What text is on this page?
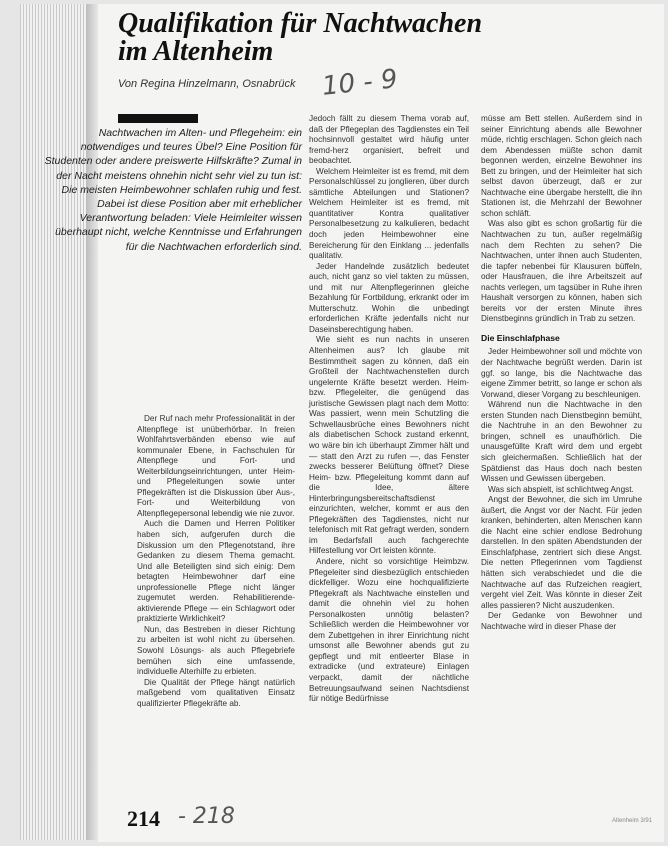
Qualifikation für Nachtwachen
im Altenheim
Von Regina Hinzelmann, Osnabrück 10 - 9

Nachtwachen im Alten- und Pflegeheim: ein notwendiges und teures Übel? Eine Position für Studenten oder andere preiswerte Hilfskräfte? Zumal in der Nacht meistens ohnehin nicht sehr viel zu tun ist: Die meisten Heimbewohner schlafen ruhig und fest. Dabei ist diese Position aber mit erheblicher Verantwortung beladen: Viele Heimleiter wissen überhaupt nicht, welche Kenntnisse und Erfahrungen für die Nachtwachen erforderlich sind.

Der Ruf nach mehr Professionalität in der Altenpflege ist unüberhörbar. In freien Wohlfahrtsverbänden ebenso wie auf kommunaler Ebene, in Fachschulen für Altenpflege und Fort- und Weiterbildungseinrichtungen, unter Heim- und Pflegeleitungen sowie unter Pflegekräften ist die Diskussion über Aus-, Fort- und Weiterbildung von Altenpflegepersonal lebendig wie nie zuvor.

Auch die Damen und Herren Politiker haben sich, aufgerufen durch die Diskussion um den Pflegenotstand, ihre Gedanken zu diesem Thema gemacht. Und alle Beteiligten sind sich einig: Dem betagten Heimbewohner darf eine unprofessionelle Pflege nicht länger zugemutet werden. Rehabilitierende-aktivierende Pflege — ein Schlagwort oder praktizierte Wirklichkeit?

Nun, das Bestreben in dieser Richtung zu arbeiten ist wohl nicht zu übersehen. Sowohl Lösungs- als auch Pflegebriefe bemühen sich eine umfassende, individuelle Alterhilfe zu erbieten.

Die Qualität der Pflege hängt natürlich maßgebend vom qualitativen Einsatz qualifizierter Pflegekräfte ab.

Jedoch fällt zu diesem Thema vorab auf, daß der Pflegeplan des Tagdienstes ein Teil hochsinnvoll gestaltet wird häufig unter fremd-herz organisiert, befreit und beobachtet.

Welchem Heimleiter ist es fremd, mit dem Personalschlüssel zu jonglieren, über durch sämtliche Abteilungen und Stationen? Welchem Heimleiter ist es fremd, mit quantitativer Kontra qualitativer Personalbesetzung zu kalkulieren, bedacht doch jeden Heimbewohner eine Bereicherung für den Einklang ... jedenfalls qualitativ.

Jeder Handelnde zusätzlich bedeutet auch, nicht ganz so viel takten zu müssen, und mit nur Altenpflegerinnen gleiche Bezahlung für Fortbildung, erkrankt oder im Mutterschutz. Wohin die unbedingt erforderlichen Kräfte jedenfalls nicht nur Daseinsberechtigung haben.

Wie sieht es nun nachts in unseren Altenheimen aus? Ich glaube mit Bestimmtheit sagen zu können, daß ein Großteil der Nachtwachenstellen durch ungelernte Kräfte besetzt werden. Heim- bzw. Pflegeleiter, die genügend das juristische Gewissen plagt nach dem Motto: Was passiert, wenn mein Schutzling die Schwellausbrüche eines Bewohners nicht als diabetischen Schock zustand erkennt, wo wäre bin ich überhaupt Zimmer hält und — statt den Arzt zu rufen —, das Fenster zwecks besserer Belüftung öffnet? Diese Heim- bzw. Pflegeleitung kommt dann auf die Idee, ältere Hinterbringungsbereitschaftsdienst einzurichten, welcher, kommt er aus den Pflegekräften des Tagdienstes, nicht nur telefonisch mit Rat gefragt werden, sondern im Bedarfsfall auch fachgerechte Hilfestellung vor Ort leisten könnte.

Andere, nicht so vorsichtige Heimbzw. Pflegeleiter sind diesbezüglich entschieden dickfelliger. Wozu eine hochqualifizierte Pflegekraft als Nachtwache einstellen und damit die ohnehin viel zu hohen Personalkosten unnötig belasten? Schließlich werden die Heimbewohner vor dem Zubettgehen in ihrer Einrichtung nicht umsonst alle Bewohner abends gut zu gepflegt und mit entleerter Blase in extradicke (und extrateure) Einlagen verpackt, damit der nächtliche Betreuungsaufwand seinen Nachtsdienst für nötige Bedürfnisse

müsse am Bett stellen. Außerdem sind in seiner Einrichtung abends alle Bewohner müde, richtig erschlagen. Schon gleich nach dem Abendessen müßte schon damit begonnen werden, einzelne Bewohner ins Bett zu bringen, und der Heimleiter hat sich selbst davon überzeugt, daß er zur Nachtwache eine übergabe herstellt, die ihn Stationen ist, die Mehrzahl der Bewohner schon schläft.

Was also gibt es schon großartig für die Nachtwachen zu tun, außer regelmäßig nach dem Rechten zu sehen? Die Nachtwachen, unter ihnen auch Studenten, die tapfer nebenbei für Klausuren büffeln, oder Hausfrauen, die ihre Arbeitszeit auf nachts verlegen, um tagsüber in Ruhe ihren Haushalt versorgen zu können, haben sich bereits vor der ersten Minute ihres Dienstbeginns gründlich in Trab zu setzen.

Die Einschlafphase

Jeder Heimbewohner soll und möchte von der Nachtwache begrüßt werden. Darin ist ggf. so lange, bis die Nachtwache das eigene Zimmer betritt, so lange er schon als Vorwand, dieser Vorgang zu beschleunigen.

Während nun die Nachtwache in den ersten Stunden nach Dienstbeginn bemüht, die Nachtruhe in an den Bewohner zu bringen, schnell es unaufhörlich. Die unausgefüllte Kraft wird dem und ergebt sich gleichermaßen. Schließlich hat der Spätdienst das Haus doch nach besten Wissen und Gewissen übergeben.

Was sich abspielt, ist schlichtweg Angst.

Angst der Bewohner, die sich im Umruhe äußert, die Angst vor der Nacht. Für jeden kranken, behinderten, alten Menschen kann die Nacht eine schier endlose Bedrohung darstellen. In den späten Abendstunden der Einschlafphase, zentriert sich diese Angst. Die netten Pflegerinnen vom Tagdienst hätten sich verabschiedet und die die Nachtwache auf das Rufzeichen reagiert, vergeht viel Zeit. Was könnte in dieser Zeit alles passieren? Nicht auszudenken.

Der Gedanke von Bewohner und Nachtwache wird in dieser Phase der

214 - 218	Altenheim 3/91
